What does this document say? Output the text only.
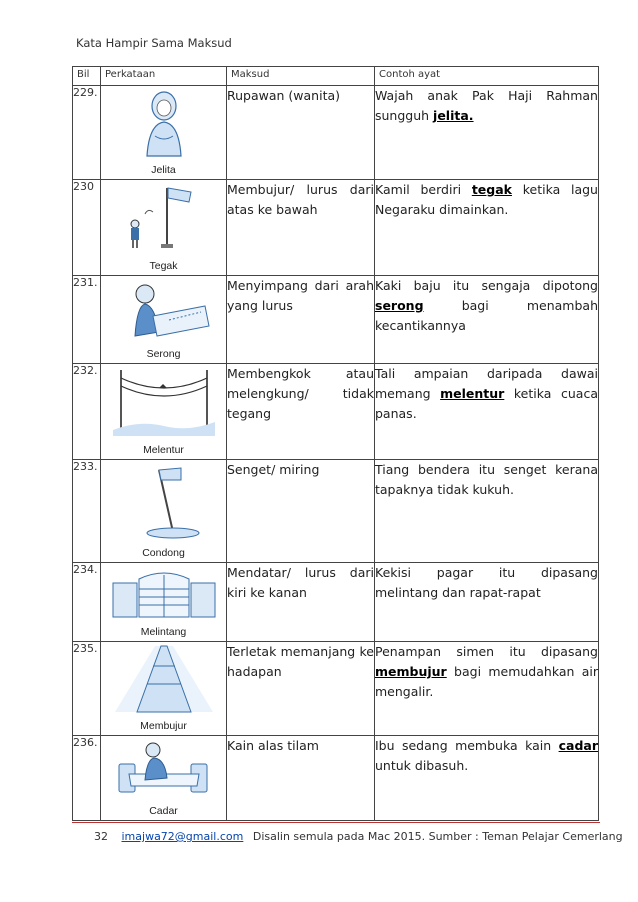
Kata Hampir Sama Maksud
Bil	Perkataan	Maksud	Contoh ayat
229.	Jelita	Rupawan (wanita)	Wajah anak Pak Haji Rahman sungguh jelita.
230	Tegak	Membujur/ lurus dari atas ke bawah	Kamil berdiri tegak ketika lagu Negaraku dimainkan.
231.	Serong	Menyimpang dari arah yang lurus	Kaki baju itu sengaja dipotong serong bagi menambah kecantikannya
232.	Melentur	Membengkok atau melengkung/ tidak tegang	Tali ampaian daripada dawai memang melentur ketika cuaca panas.
233.	Condong	Senget/ miring	Tiang bendera itu senget kerana tapaknya tidak kukuh.
234.	Melintang	Mendatar/ lurus dari kiri ke kanan	Kekisi pagar itu dipasang melintang dan rapat-rapat
235.	Membujur	Terletak memanjang ke hadapan	Penampan simen itu dipasang membujur bagi memudahkan air mengalir.
236.	Cadar	Kain alas tilam	Ibu sedang membuka kain cadar untuk dibasuh.
32 imajwa72@gmail.com Disalin semula pada Mac 2015. Sumber : Teman Pelajar Cemerlang
